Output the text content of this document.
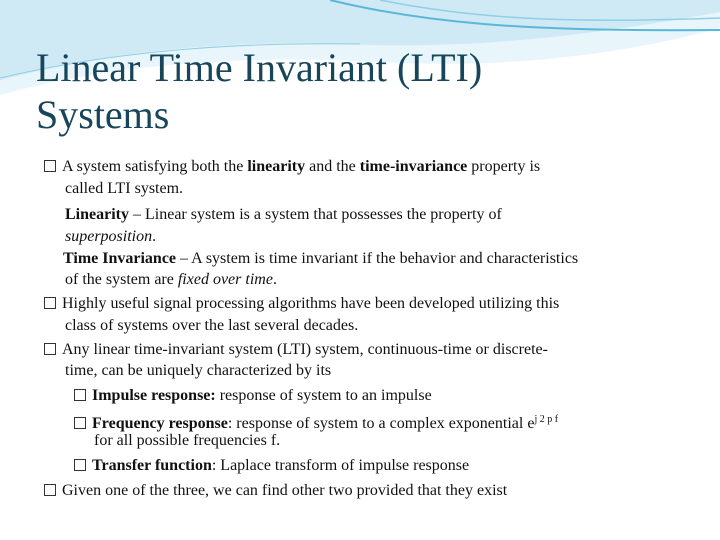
Linear Time Invariant (LTI)
Systems
A system satisfying both the linearity and the time-invariance property is
called LTI system.
Linearity – Linear system is a system that possesses the property of
superposition.
Time Invariance – A system is time invariant if the behavior and characteristics
of the system are fixed over time.
Highly useful signal processing algorithms have been developed utilizing this
class of systems over the last several decades.
Any linear time-invariant system (LTI) system, continuous-time or discrete-
time, can be uniquely characterized by its
Impulse response: response of system to an impulse
Frequency response: response of system to a complex exponential $e^{j 2 p f}$
for all possible frequencies f.
Transfer function: Laplace transform of impulse response
Given one of the three, we can find other two provided that they exist
